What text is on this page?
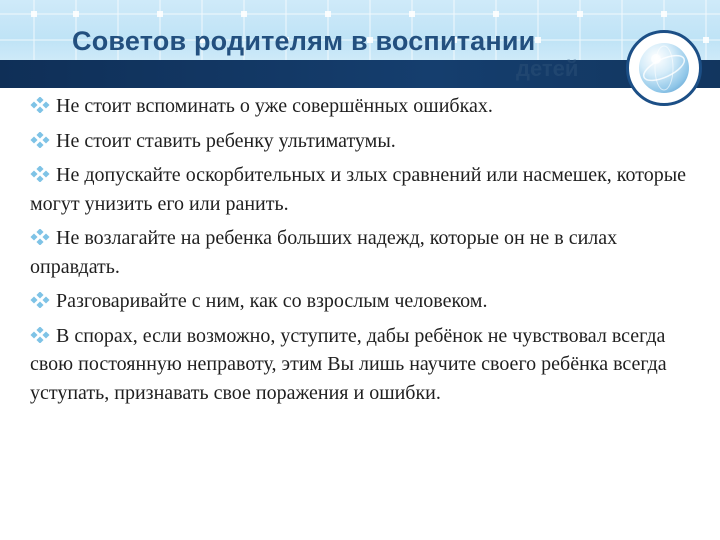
детей
Советов родителям в воспитании

Не стоит вспоминать о уже совершённых ошибках.

Не стоит ставить ребенку ультиматумы.

Не допускайте оскорбительных и злых сравнений или насмешек, которые могут унизить его или ранить.

Не возлагайте на ребенка больших надежд, которые он не в силах оправдать.

Разговаривайте с ним, как со взрослым человеком.

В спорах, если возможно, уступите, дабы ребёнок не чувствовал всегда свою постоянную неправоту, этим Вы лишь научите своего ребёнка всегда уступать, признавать свое поражения и ошибки.
